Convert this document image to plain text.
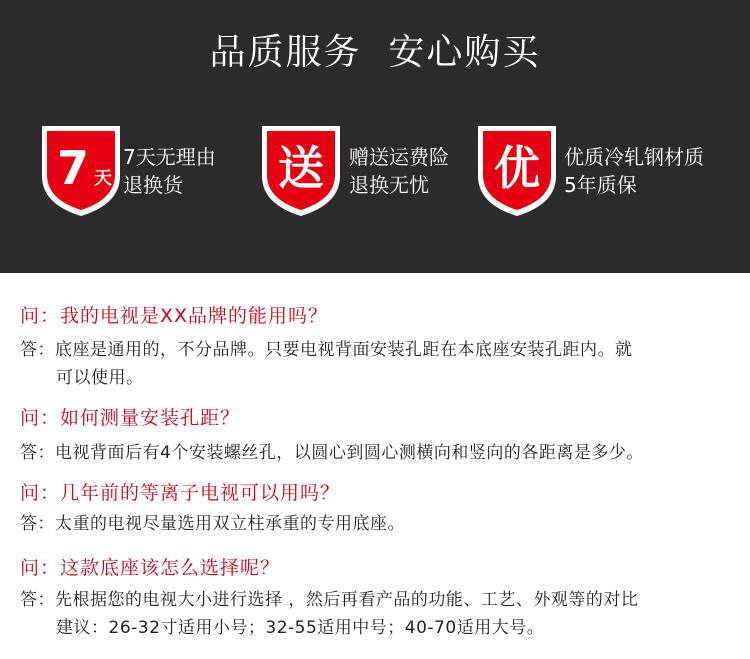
品质服务  安心购买
7 天
7天无理由
退换货	送	赠送运费险
退换无忧	优	优质冷轧钢材质
5年质保
问：我的电视是XX品牌的能用吗？
答：底座是通用的，不分品牌。只要电视背面安装孔距在本底座安装孔距内。就
可以使用。
问：如何测量安装孔距？
答：电视背面后有4个安装螺丝孔，以圆心到圆心测横向和竖向的各距离是多少。
问：几年前的等离子电视可以用吗？
答：太重的电视尽量选用双立柱承重的专用底座。
问：这款底座该怎么选择呢？
答：先根据您的电视大小进行选择 ，然后再看产品的功能、工艺、外观等的对比
建议：26-32寸适用小号；32-55适用中号；40-70适用大号。
